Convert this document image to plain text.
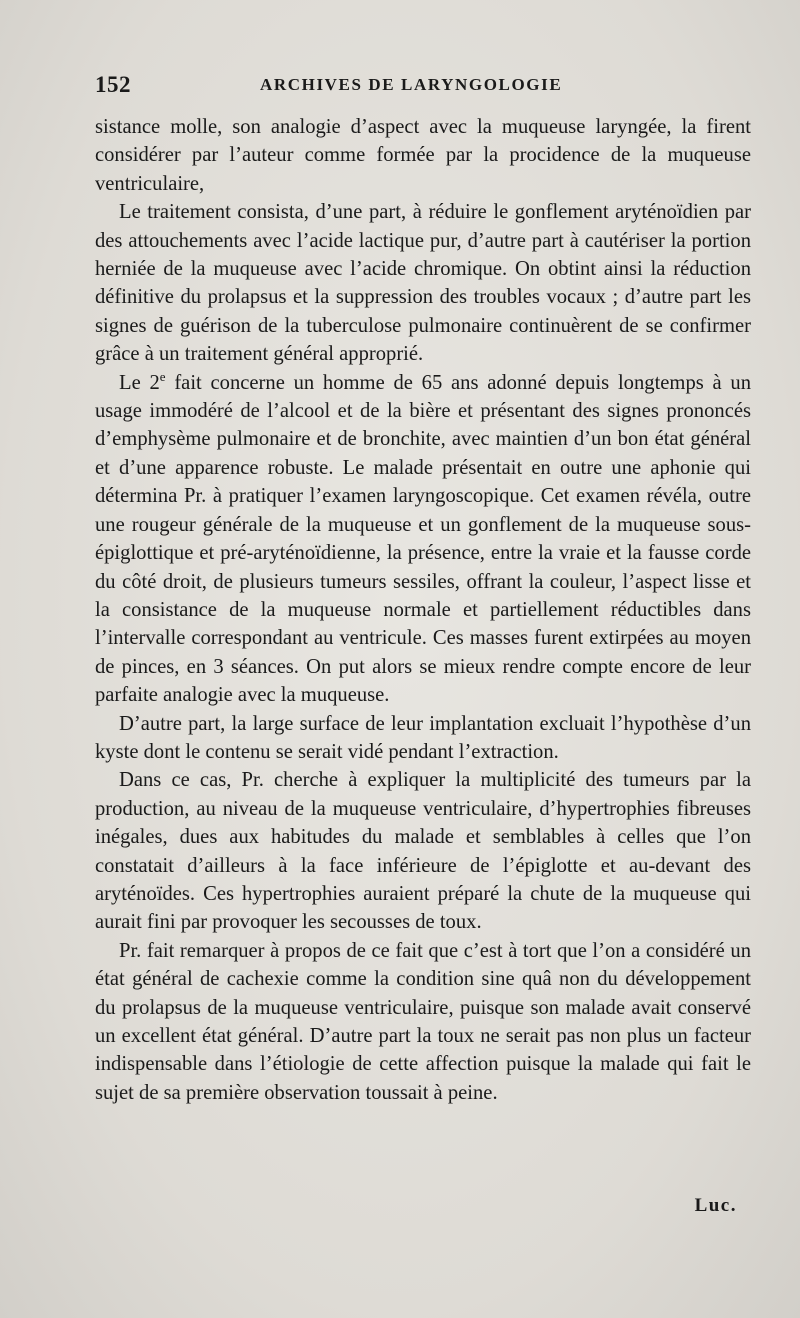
152	ARCHIVES DE LARYNGOLOGIE

sistance molle, son analogie d’aspect avec la muqueuse laryngée, la firent considérer par l’auteur comme formée par la procidence de la muqueuse ventriculaire,

Le traitement consista, d’une part, à réduire le gonflement aryténoïdien par des attouchements avec l’acide lactique pur, d’autre part à cautériser la portion herniée de la muqueuse avec l’acide chromique. On obtint ainsi la réduction définitive du prolapsus et la suppression des troubles vocaux ; d’autre part les signes de guérison de la tuberculose pulmonaire continuèrent de se confirmer grâce à un traitement général approprié.

Le 2e fait concerne un homme de 65 ans adonné depuis longtemps à un usage immodéré de l’alcool et de la bière et présentant des signes prononcés d’emphysème pulmonaire et de bronchite, avec maintien d’un bon état général et d’une apparence robuste. Le malade présentait en outre une aphonie qui détermina Pr. à pratiquer l’examen laryngoscopique. Cet examen révéla, outre une rougeur générale de la muqueuse et un gonflement de la muqueuse sous-épiglottique et pré-aryténoïdienne, la présence, entre la vraie et la fausse corde du côté droit, de plusieurs tumeurs sessiles, offrant la couleur, l’aspect lisse et la consistance de la muqueuse normale et partiellement réductibles dans l’intervalle correspondant au ventricule. Ces masses furent extirpées au moyen de pinces, en 3 séances. On put alors se mieux rendre compte encore de leur parfaite analogie avec la muqueuse.

D’autre part, la large surface de leur implantation excluait l’hypothèse d’un kyste dont le contenu se serait vidé pendant l’extraction.

Dans ce cas, Pr. cherche à expliquer la multiplicité des tumeurs par la production, au niveau de la muqueuse ventriculaire, d’hypertrophies fibreuses inégales, dues aux habitudes du malade et semblables à celles que l’on constatait d’ailleurs à la face inférieure de l’épiglotte et au-devant des aryténoïdes. Ces hypertrophies auraient préparé la chute de la muqueuse qui aurait fini par provoquer les secousses de toux.

Pr. fait remarquer à propos de ce fait que c’est à tort que l’on a considéré un état général de cachexie comme la condition sine quâ non du développement du prolapsus de la muqueuse ventriculaire, puisque son malade avait conservé un excellent état général. D’autre part la toux ne serait pas non plus un facteur indispensable dans l’étiologie de cette affection puisque la malade qui fait le sujet de sa première observation toussait à peine.

Luc.
